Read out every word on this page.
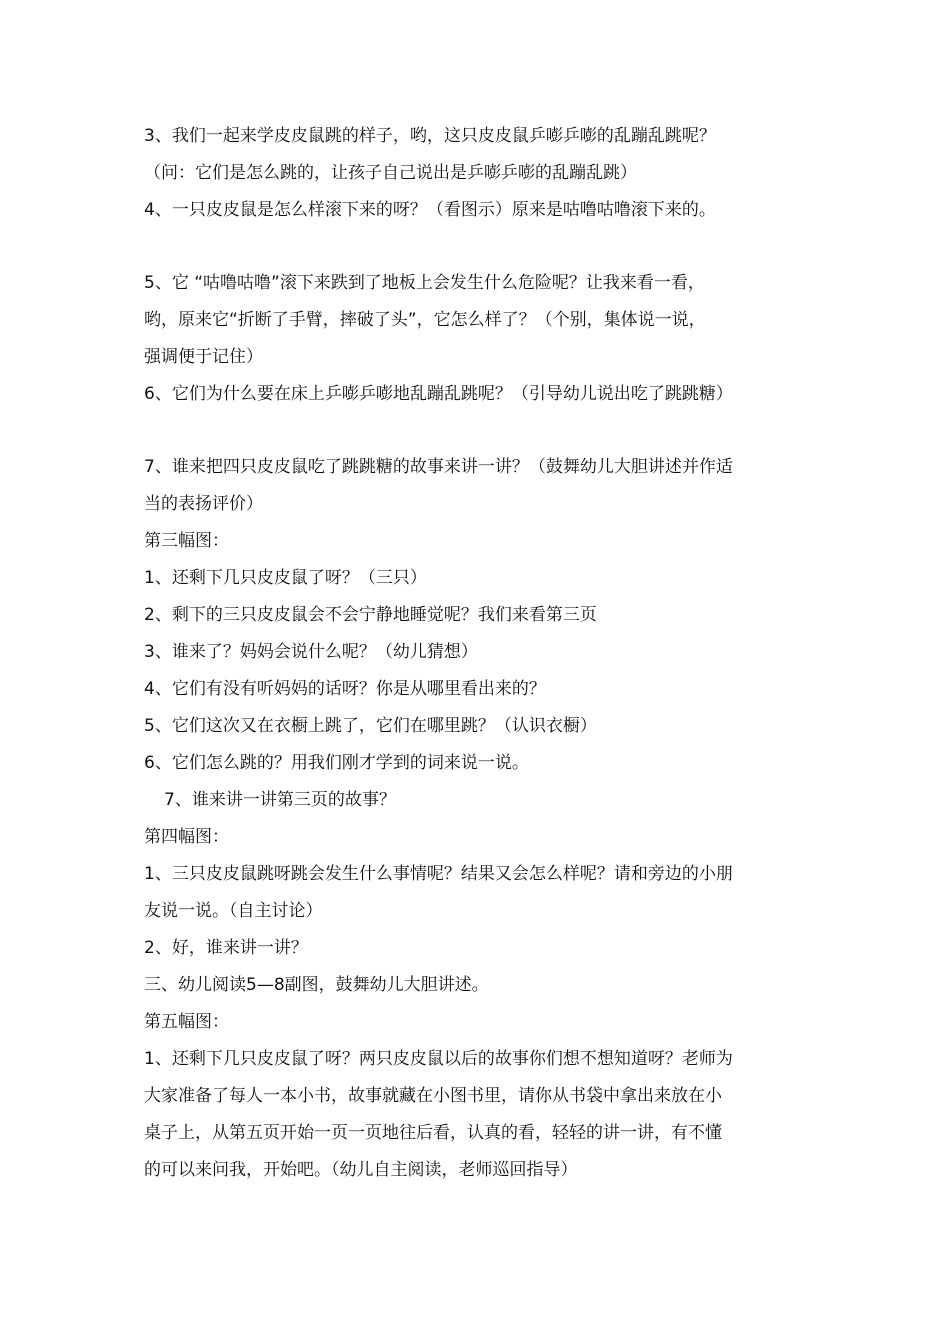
3、我们一起来学皮皮鼠跳的样子，哟，这只皮皮鼠乒嘭乒嘭的乱蹦乱跳呢？
（问：它们是怎么跳的，让孩子自己说出是乒嘭乒嘭的乱蹦乱跳）
4、一只皮皮鼠是怎么样滚下来的呀？（看图示）原来是咕噜咕噜滚下来的。
5、它 “咕噜咕噜”滚下来跌到了地板上会发生什么危险呢？让我来看一看，
哟，原来它“折断了手臂，摔破了头”，它怎么样了？（个别，集体说一说，
强调便于记住）
6、它们为什么要在床上乒嘭乒嘭地乱蹦乱跳呢？（引导幼儿说出吃了跳跳糖）
7、谁来把四只皮皮鼠吃了跳跳糖的故事来讲一讲？（鼓舞幼儿大胆讲述并作适
当的表扬评价）
第三幅图：
1、还剩下几只皮皮鼠了呀？（三只）
2、剩下的三只皮皮鼠会不会宁静地睡觉呢？我们来看第三页
3、谁来了？妈妈会说什么呢？（幼儿猜想）
4、它们有没有听妈妈的话呀？你是从哪里看出来的？
5、它们这次又在衣橱上跳了，它们在哪里跳？（认识衣橱）
6、它们怎么跳的？用我们刚才学到的词来说一说。
7、谁来讲一讲第三页的故事？
第四幅图：
1、三只皮皮鼠跳呀跳会发生什么事情呢？结果又会怎么样呢？请和旁边的小朋
友说一说。（自主讨论）
2、好，谁来讲一讲？
三、幼儿阅读5—8副图，鼓舞幼儿大胆讲述。
第五幅图：
1、还剩下几只皮皮鼠了呀？两只皮皮鼠以后的故事你们想不想知道呀？老师为
大家准备了每人一本小书，故事就藏在小图书里，请你从书袋中拿出来放在小
桌子上，从第五页开始一页一页地往后看，认真的看，轻轻的讲一讲，有不懂
的可以来问我，开始吧。（幼儿自主阅读，老师巡回指导）
